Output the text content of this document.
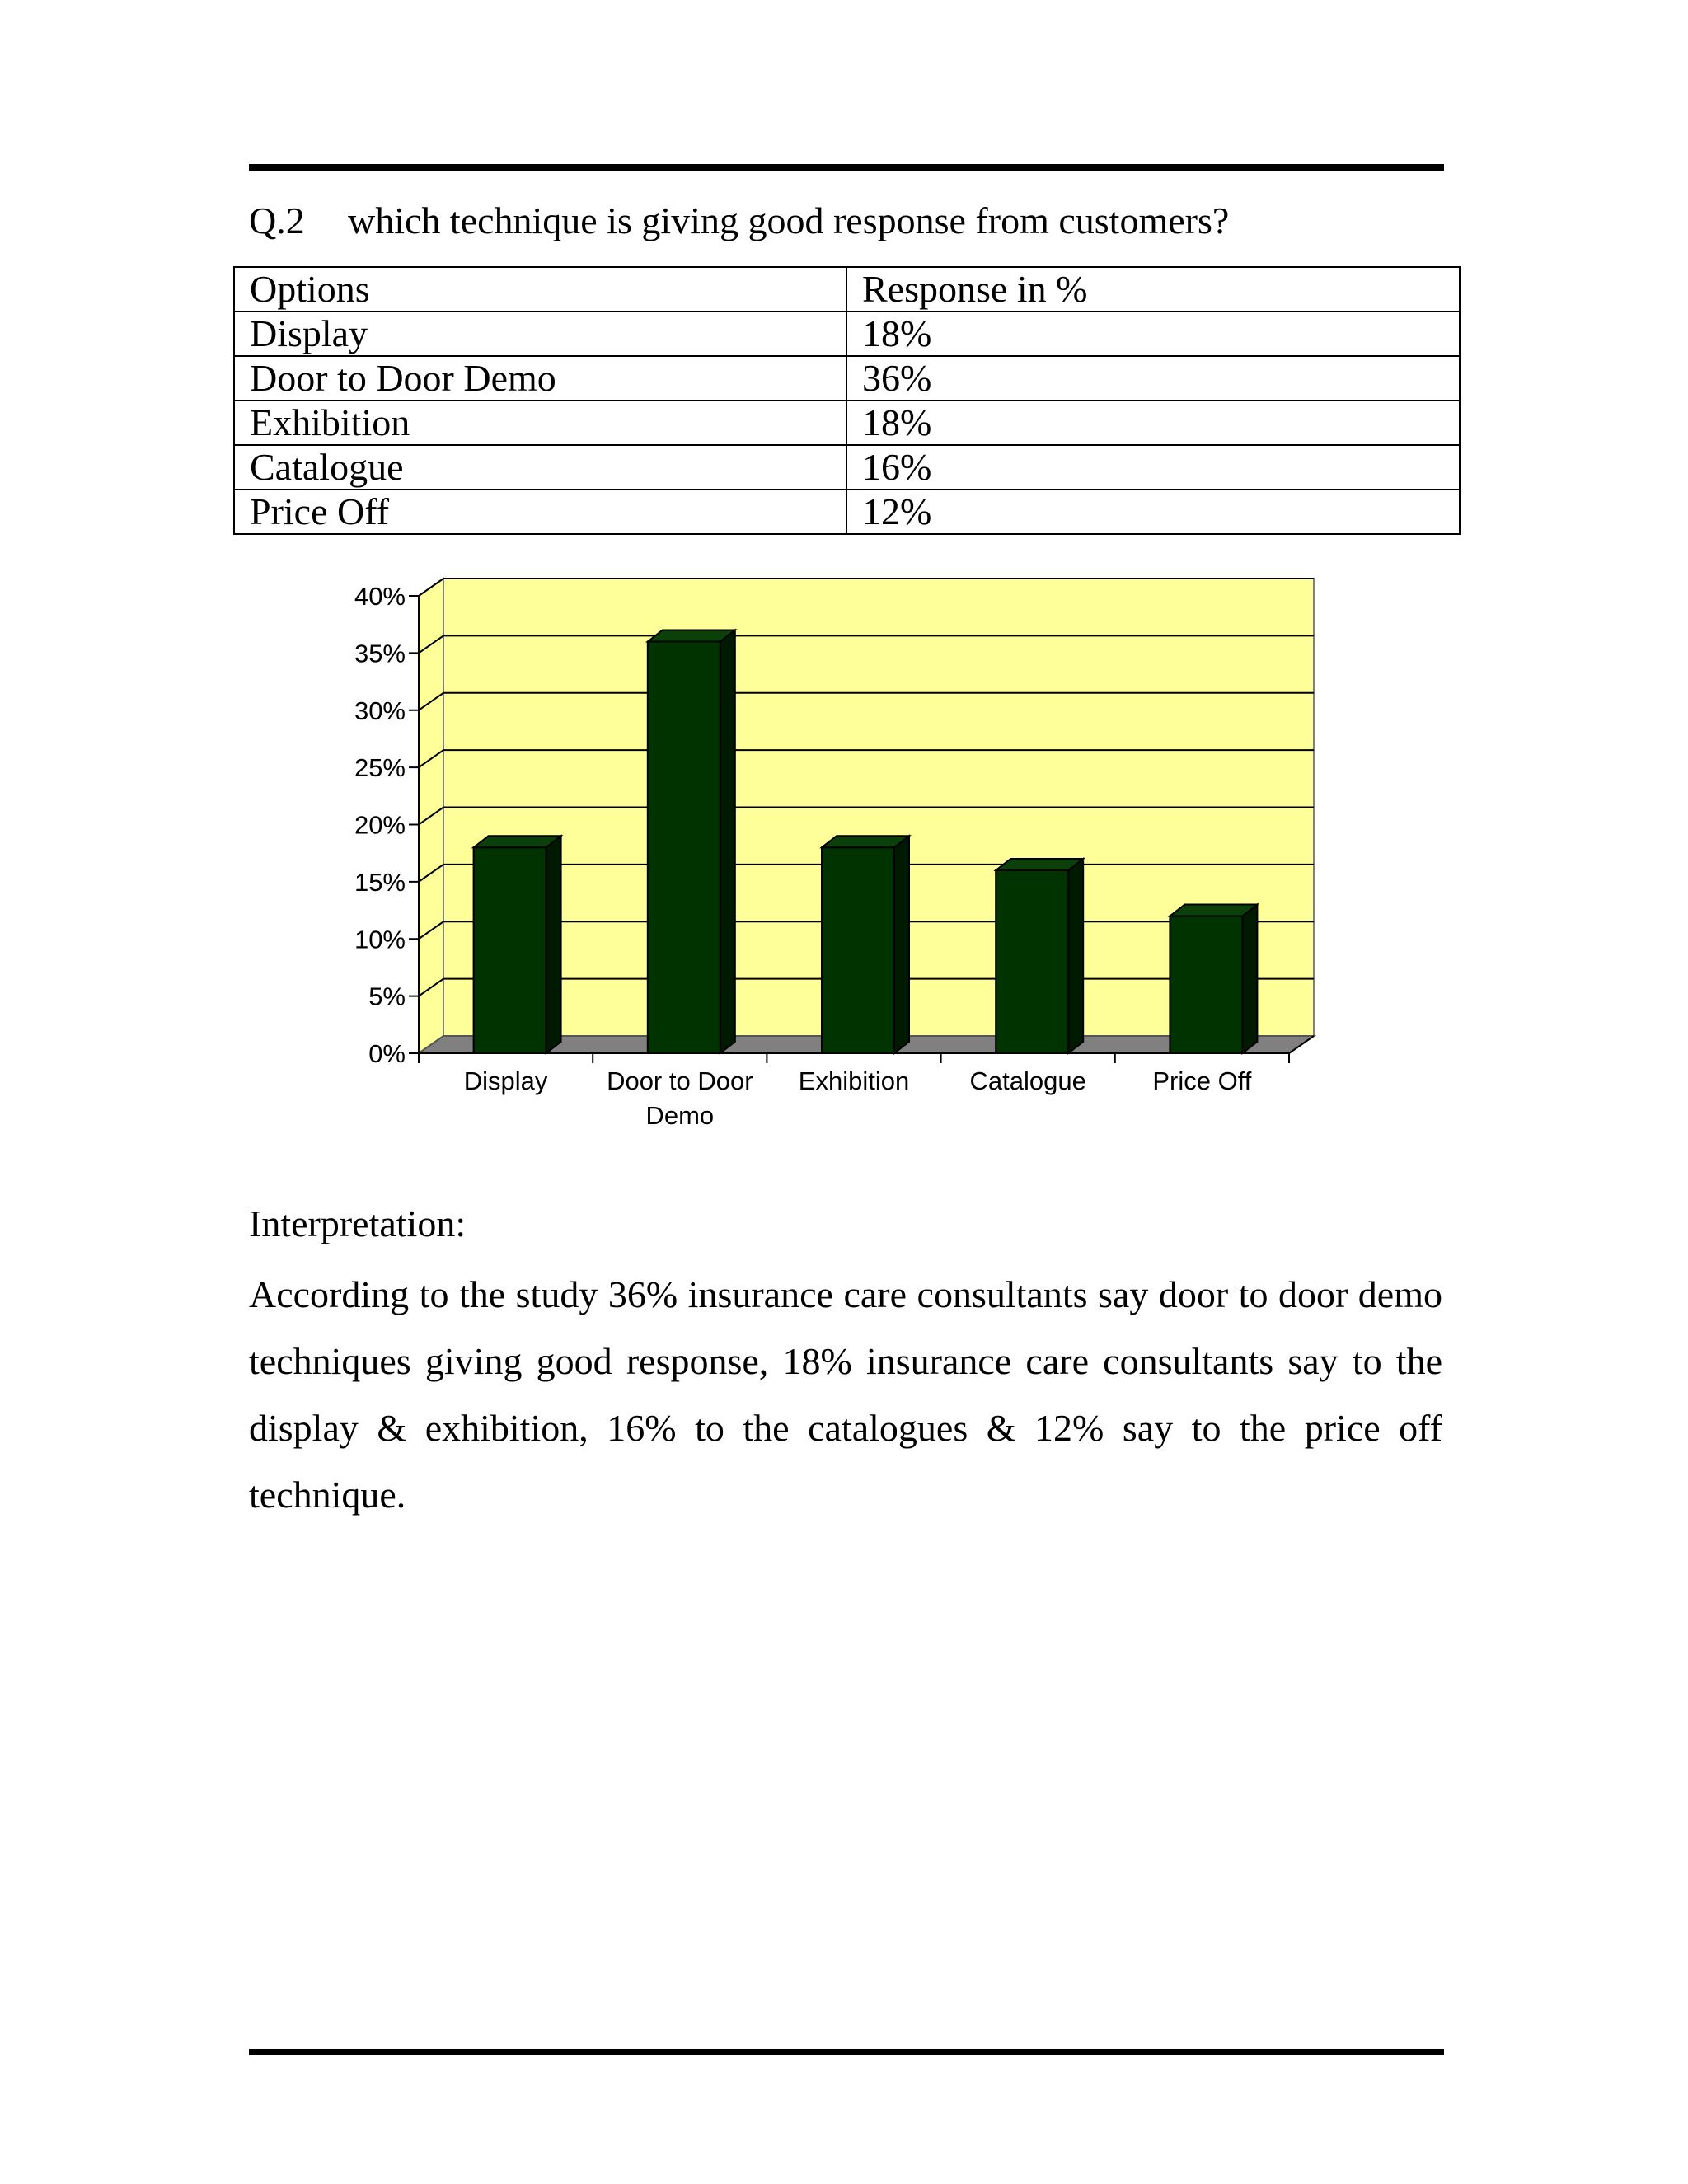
Q.2 which technique is giving good response from customers?
Options	Response in %
Display	18%
Door to Door Demo	36%
Exhibition	18%
Catalogue	16%
Price Off	12%
0%
5%
10%
15%
20%
25%
30%
35%
40%
Display Door to Door
Demo
Exhibition Catalogue	Price Off
Interpretation:
According to the study 36% insurance care consultants say door to door demo techniques giving good response, 18% insurance care consultants say to the display & exhibition, 16% to the catalogues & 12% say to the price off technique.
